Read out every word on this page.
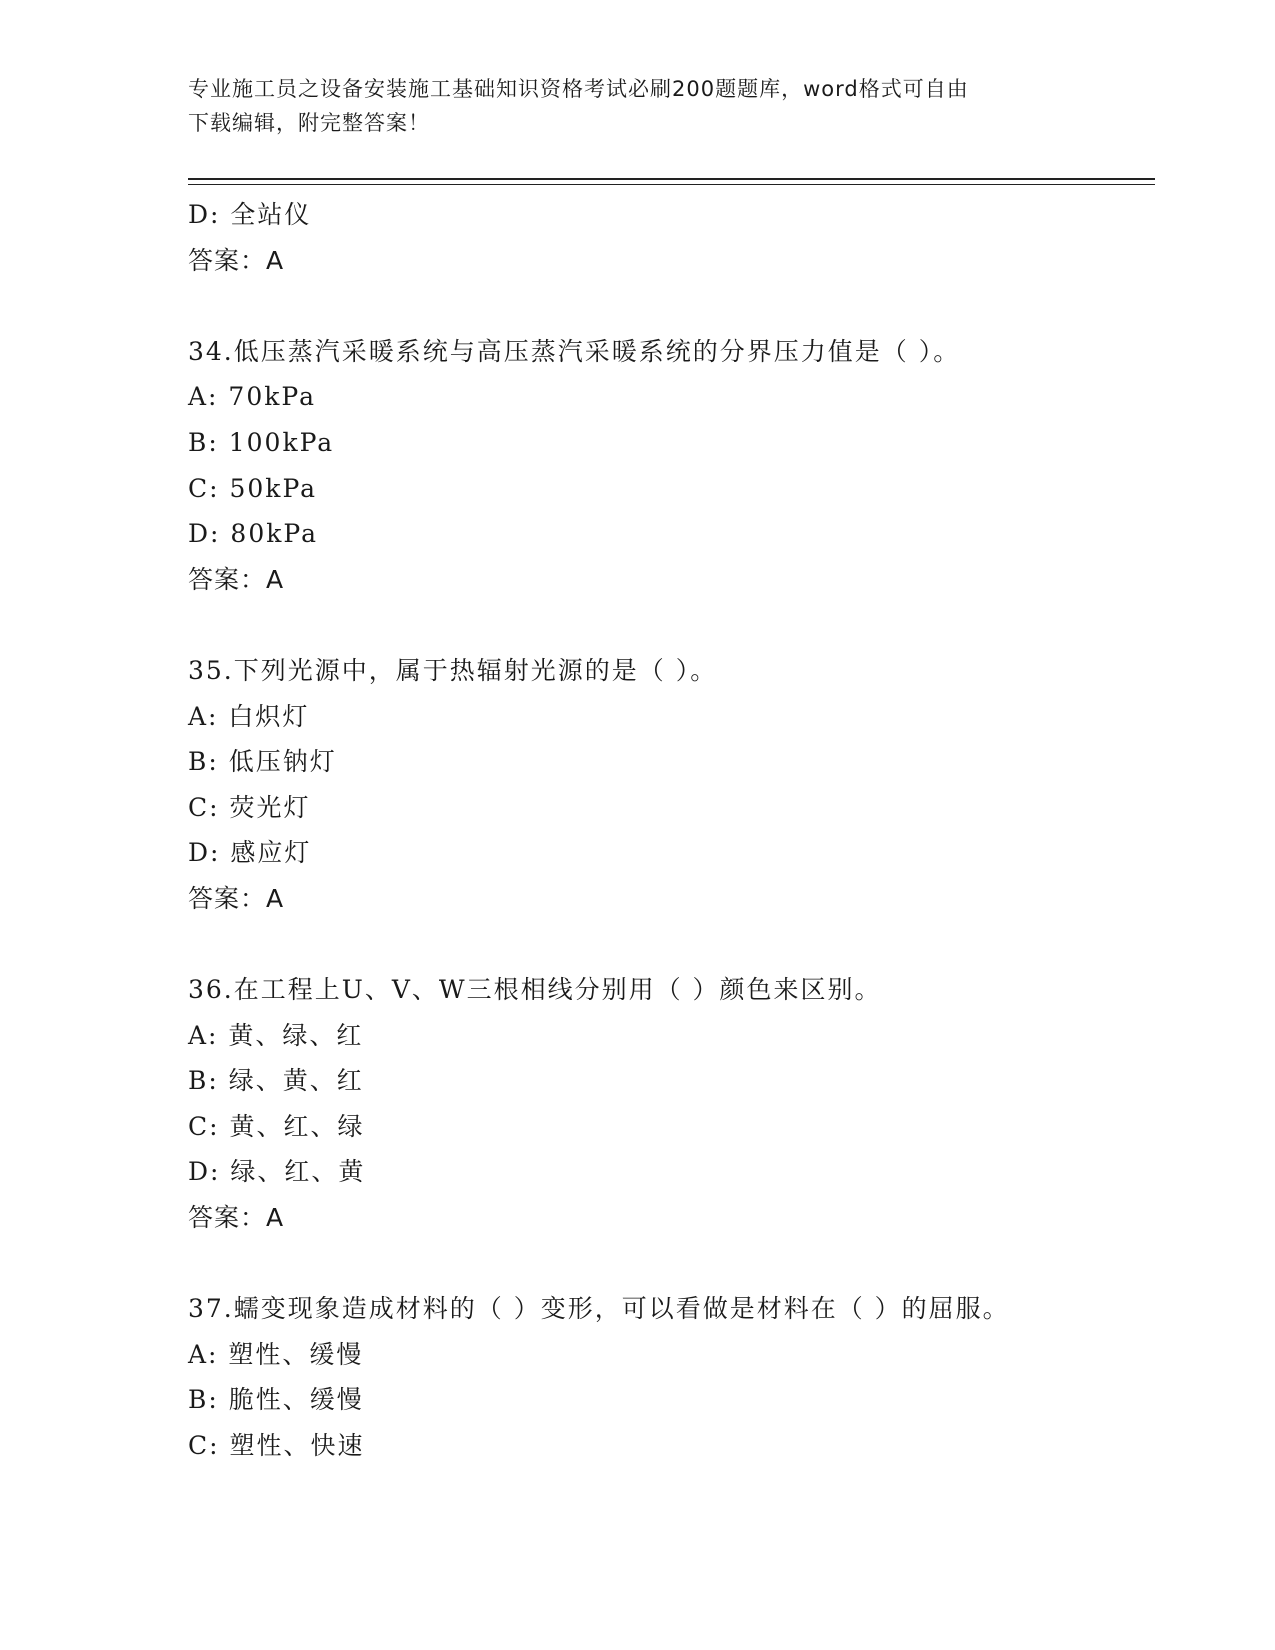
专业施工员之设备安装施工基础知识资格考试必刷200题题库，word格式可自由
下载编辑，附完整答案！
D: 全站仪
答案：A
34.低压蒸汽采暖系统与高压蒸汽采暖系统的分界压力值是（ ）。
A: 70kPa
B: 100kPa
C: 50kPa
D: 80kPa
答案：A
35.下列光源中，属于热辐射光源的是（ ）。
A: 白炽灯
B: 低压钠灯
C: 荧光灯
D: 感应灯
答案：A
36.在工程上U、V、W三根相线分别用（ ）颜色来区别。
A: 黄、绿、红
B: 绿、黄、红
C: 黄、红、绿
D: 绿、红、黄
答案：A
37.蠕变现象造成材料的（ ）变形，可以看做是材料在（ ）的屈服。
A: 塑性、缓慢
B: 脆性、缓慢
C: 塑性、快速
